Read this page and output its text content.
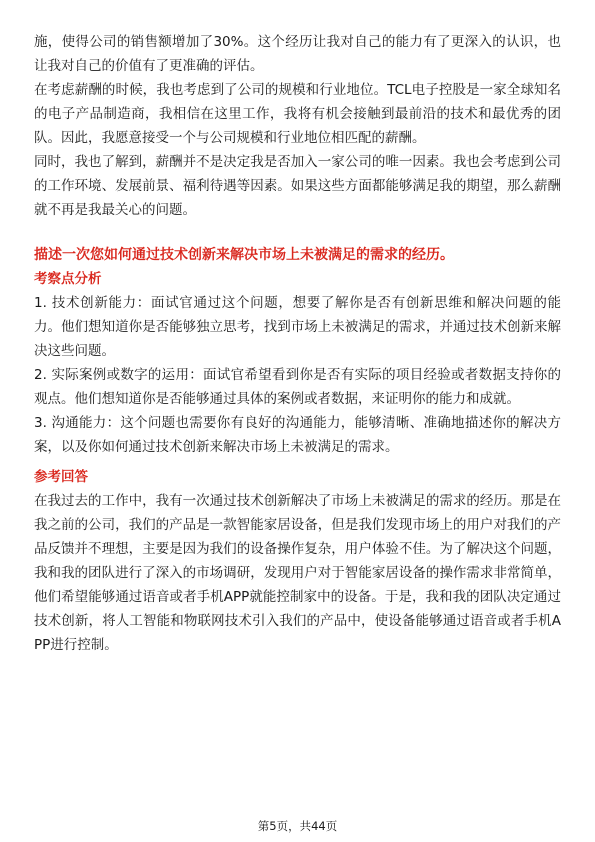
施，使得公司的销售额增加了30%。这个经历让我对自己的能力有了更深入的认识，也让我对自己的价值有了更准确的评估。

在考虑薪酬的时候，我也考虑到了公司的规模和行业地位。TCL电子控股是一家全球知名的电子产品制造商，我相信在这里工作，我将有机会接触到最前沿的技术和最优秀的团队。因此，我愿意接受一个与公司规模和行业地位相匹配的薪酬。

同时，我也了解到，薪酬并不是决定我是否加入一家公司的唯一因素。我也会考虑到公司的工作环境、发展前景、福利待遇等因素。如果这些方面都能够满足我的期望，那么薪酬就不再是我最关心的问题。

描述一次您如何通过技术创新来解决市场上未被满足的需求的经历。

考察点分析

1. 技术创新能力：面试官通过这个问题，想要了解你是否有创新思维和解决问题的能力。他们想知道你是否能够独立思考，找到市场上未被满足的需求，并通过技术创新来解决这些问题。

2. 实际案例或数字的运用：面试官希望看到你是否有实际的项目经验或者数据支持你的观点。他们想知道你是否能够通过具体的案例或者数据，来证明你的能力和成就。

3. 沟通能力：这个问题也需要你有良好的沟通能力，能够清晰、准确地描述你的解决方案，以及你如何通过技术创新来解决市场上未被满足的需求。

参考回答

在我过去的工作中，我有一次通过技术创新解决了市场上未被满足的需求的经历。那是在我之前的公司，我们的产品是一款智能家居设备，但是我们发现市场上的用户对我们的产品反馈并不理想，主要是因为我们的设备操作复杂，用户体验不佳。为了解决这个问题，我和我的团队进行了深入的市场调研，发现用户对于智能家居设备的操作需求非常简单，他们希望能够通过语音或者手机APP就能控制家中的设备。于是，我和我的团队决定通过技术创新，将人工智能和物联网技术引入我们的产品中，使设备能够通过语音或者手机APP进行控制。

第5页，共44页
